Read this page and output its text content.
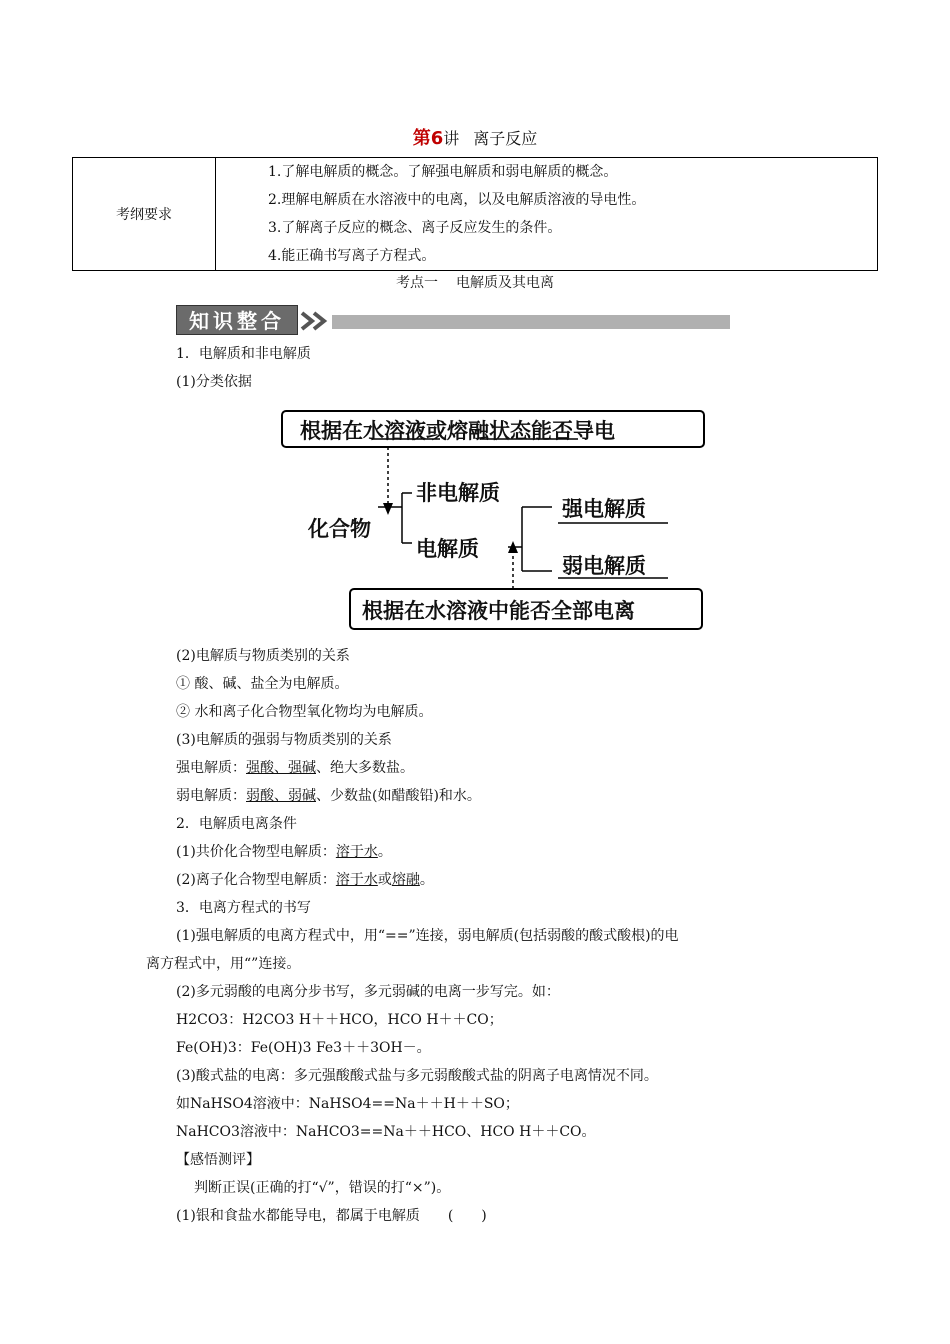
第6讲 离子反应
考纲要求	
1.了解电解质的概念。了解强电解质和弱电解质的概念。
2.理解电解质在水溶液中的电离，以及电解质溶液的导电性。
3.了解离子反应的概念、离子反应发生的条件。
4.能正确书写离子方程式。
考点一 电解质及其电离
知识整合
1．电解质和非电解质
(1)分类依据
根据在水溶液或熔融状态能否导电
化合物
非电解质
电解质
强电解质
弱电解质
根据在水溶液中能否全部电离
(2)电解质与物质类别的关系
① 酸、碱、盐全为电解质。
② 水和离子化合物型氧化物均为电解质。
(3)电解质的强弱与物质类别的关系
强电解质：强酸、强碱、绝大多数盐。
弱电解质：弱酸、弱碱、少数盐(如醋酸铅)和水。
2．电解质电离条件
(1)共价化合物型电解质：溶于水。
(2)离子化合物型电解质：溶于水或熔融。
3．电离方程式的书写
(1)强电解质的电离方程式中，用“==”连接，弱电解质(包括弱酸的酸式酸根)的电
离方程式中，用“”连接。
(2)多元弱酸的电离分步书写，多元弱碱的电离一步写完。如：
H2CO3：H2CO3 H＋＋HCO，HCO H＋＋CO；
Fe(OH)3：Fe(OH)3 Fe3＋＋3OH－。
(3)酸式盐的电离：多元强酸酸式盐与多元弱酸酸式盐的阴离子电离情况不同。
如NaHSO4溶液中：NaHSO4==Na＋＋H＋＋SO；
NaHCO3溶液中：NaHCO3==Na＋＋HCO、HCO H＋＋CO。
【感悟测评】
判断正误(正确的打“√”，错误的打“×”)。
(1)银和食盐水都能导电，都属于电解质　　(　　)
